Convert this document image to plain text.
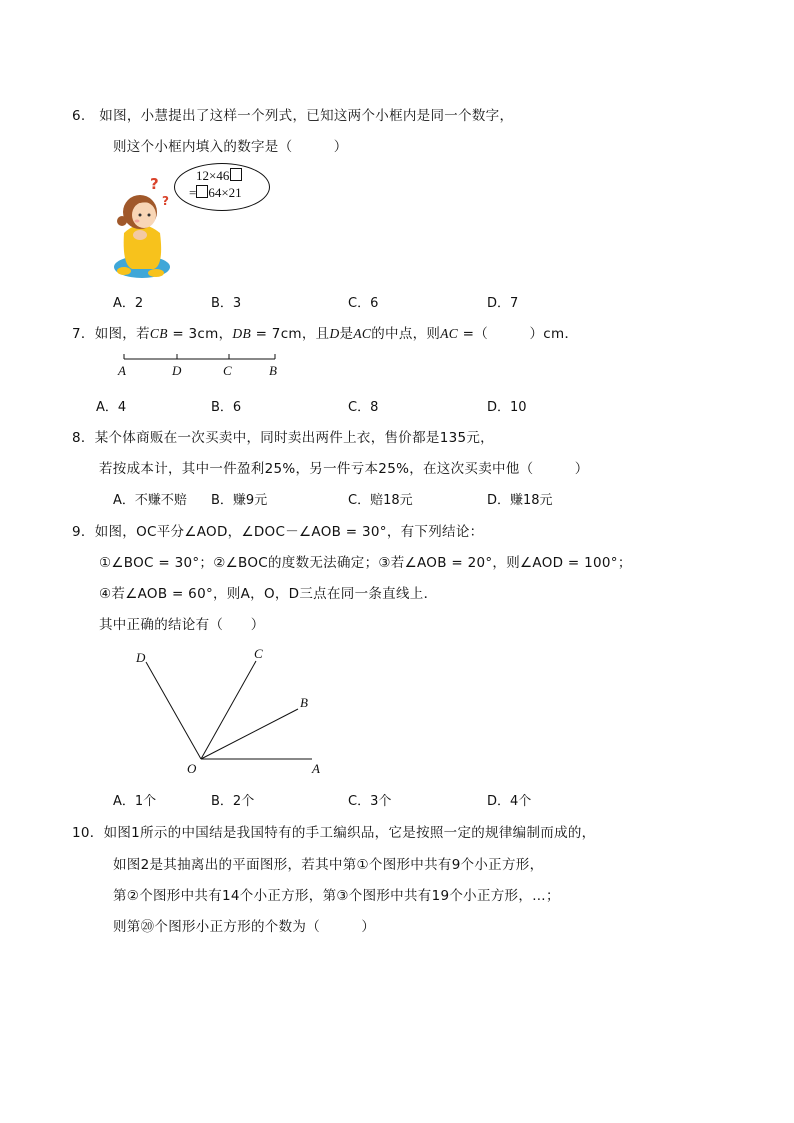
6.　如图，小慧提出了这样一个列式，已知这两个小框内是同一个数字，
则这个小框内填入的数字是（　　　）
12×46
= 64×21
?
?
A．2	B．3	C．6	D．7
7．如图，若CB = 3cm，DB = 7cm，且D是AC的中点，则AC =（　　　）cm．
A	D	C	B
A．4	B．6	C．8	D．10
8．某个体商贩在一次买卖中，同时卖出两件上衣，售价都是135元，
若按成本计，其中一件盈利25%，另一件亏本25%，在这次买卖中他（　　　）
A．不赚不赔 B．赚9元	C．赔18元	D．赚18元
9．如图，OC平分∠AOD，∠DOC－∠AOB = 30°，有下列结论：
①∠BOC = 30°；②∠BOC的度数无法确定；③若∠AOB = 20°，则∠AOD = 100°；
④若∠AOB = 60°，则A，O，D三点在同一条直线上．
其中正确的结论有（　　）
D	C
B
O	A
A．1个	B．2个	C．3个	D．4个
10．如图1所示的中国结是我国特有的手工编织品，它是按照一定的规律编制而成的，
如图2是其抽离出的平面图形，若其中第①个图形中共有9个小正方形，
第②个图形中共有14个小正方形，第③个图形中共有19个小正方形，…；
则第⑳个图形小正方形的个数为（　　　）
